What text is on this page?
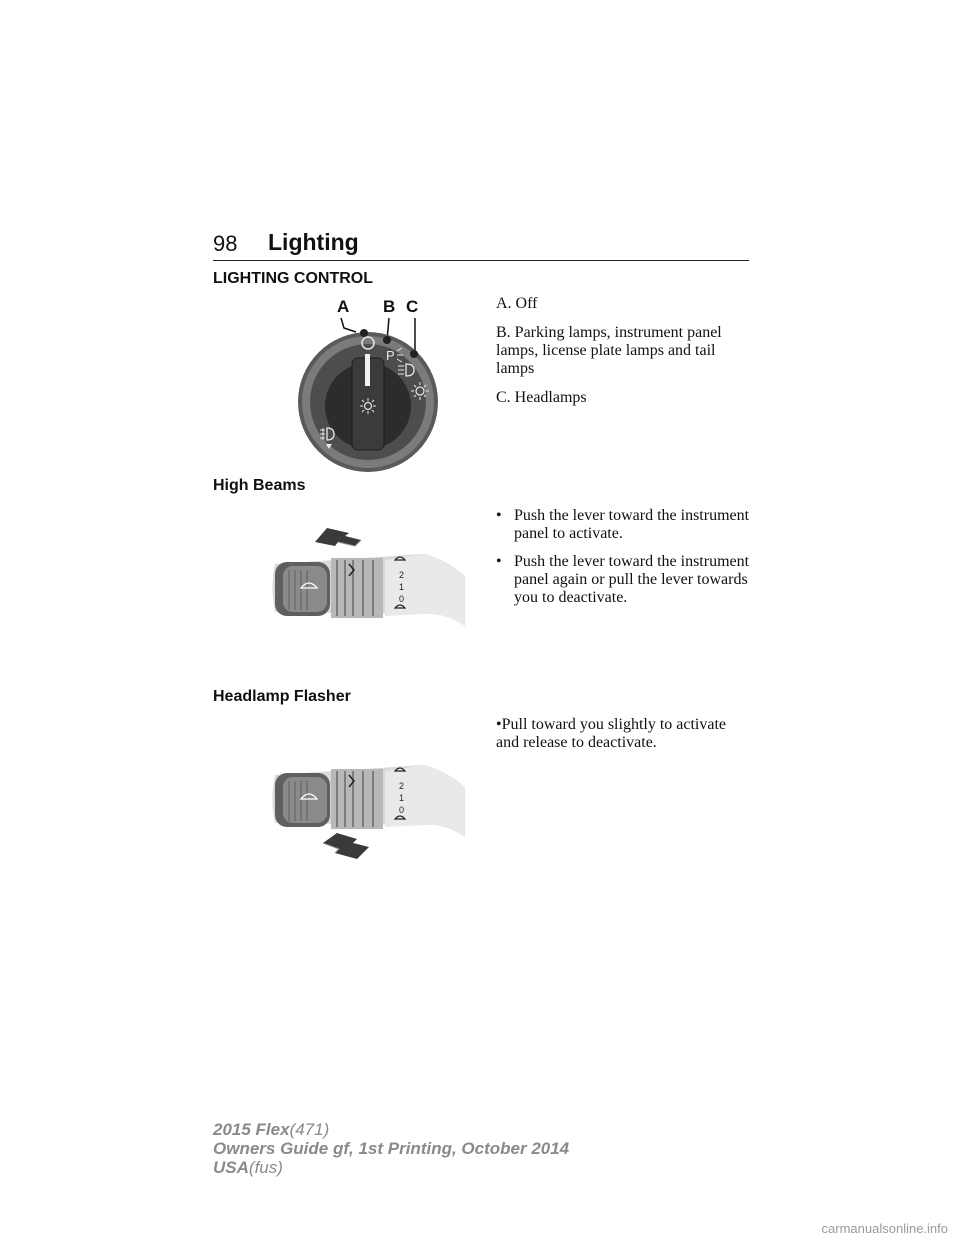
98 Lighting
LIGHTING CONTROL
A B C
P

A. Off

B. Parking lamps, instrument panel lamps, license plate lamps and tail lamps

C. Headlamps

High Beams
• Push the lever toward the instrument panel to activate.
• Push the lever toward the instrument panel again or pull the lever towards you to deactivate.
2
1
0
Headlamp Flasher
•Pull toward you slightly to activate and release to deactivate.
2
1
0
2015 Flex(471)
Owners Guide gf, 1st Printing, October 2014
USA(fus)
carmanualsonline.info
